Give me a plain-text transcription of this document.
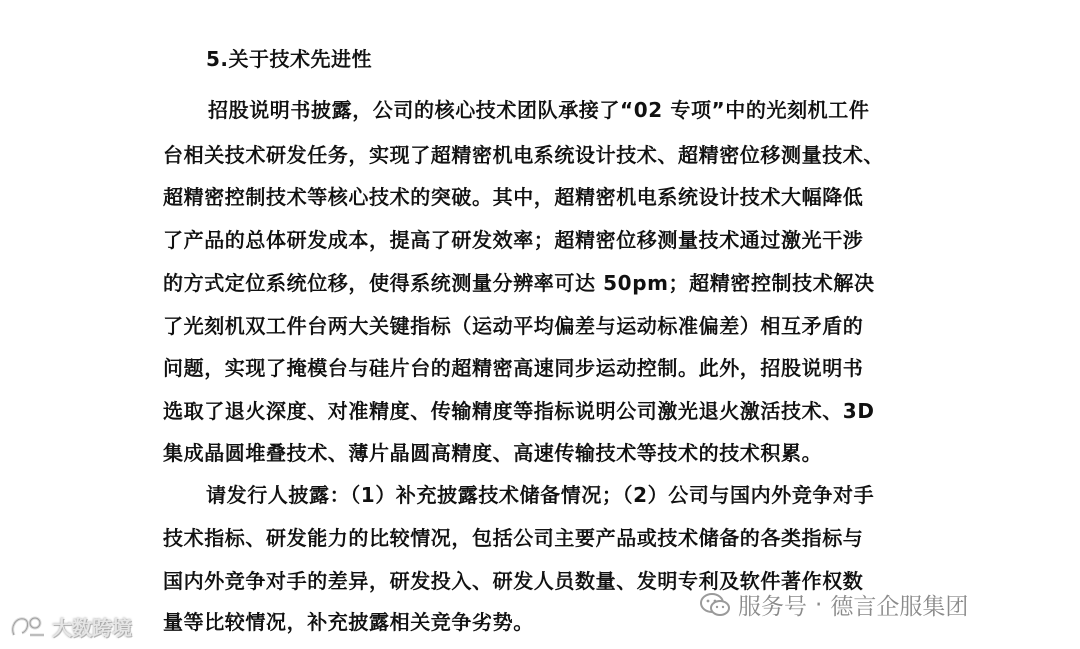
5.关于技术先进性

招股说明书披露，公司的核心技术团队承接了“02 专项”中的光刻机工件

台相关技术研发任务，实现了超精密机电系统设计技术、超精密位移测量技术、

超精密控制技术等核心技术的突破。其中，超精密机电系统设计技术大幅降低

了产品的总体研发成本，提高了研发效率；超精密位移测量技术通过激光干涉

的方式定位系统位移，使得系统测量分辨率可达 50pm；超精密控制技术解决

了光刻机双工件台两大关键指标（运动平均偏差与运动标准偏差）相互矛盾的

问题，实现了掩模台与硅片台的超精密高速同步运动控制。此外，招股说明书

选取了退火深度、对准精度、传输精度等指标说明公司激光退火激活技术、3D

集成晶圆堆叠技术、薄片晶圆高精度、高速传输技术等技术的技术积累。

请发行人披露：（1）补充披露技术储备情况；（2）公司与国内外竞争对手

技术指标、研发能力的比较情况，包括公司主要产品或技术储备的各类指标与

国内外竞争对手的差异，研发投入、研发人员数量、发明专利及软件著作权数

量等比较情况，补充披露相关竞争劣势。

大数跨境
服务号 · 德言企服集团
